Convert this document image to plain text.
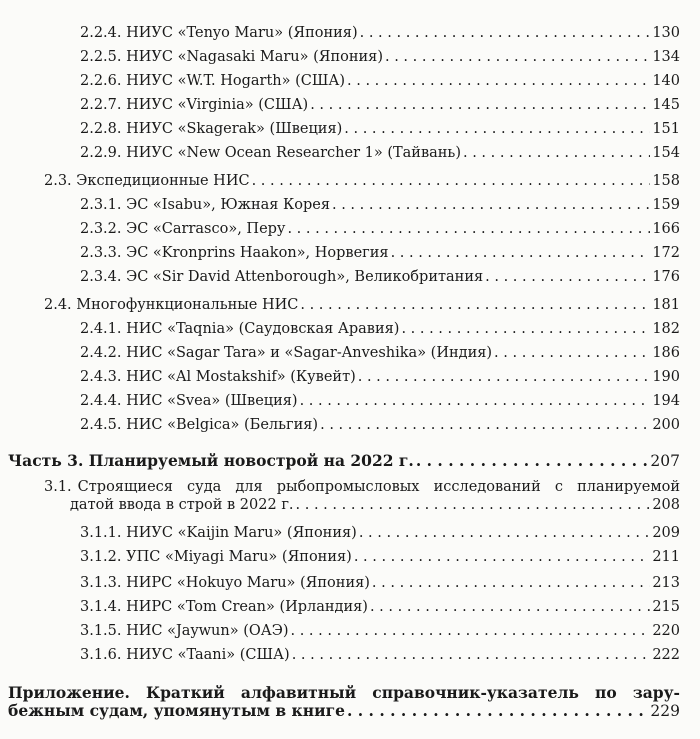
2.2.4. НИУС «Tenyo Maru» (Япония) . . .	130
2.2.5. НИУС «Nagasaki Maru» (Япония) . . .	134
2.2.6. НИУС «W.T. Hogarth» (США) . . .	140
2.2.7. НИУС «Virginia» (США) . . .	145
2.2.8. НИУС «Skagerak» (Швеция) . . .	151
2.2.9. НИУС «New Ocean Researcher 1» (Тайвань) . . .	154
2.3. Экспедиционные НИС . . .	158
2.3.1. ЭС «Isabu», Южная Корея . . .	159
2.3.2. ЭС «Carrasco», Перу . . .	166
2.3.3. ЭС «Kronprins Haakon», Норвегия . . .	172
2.3.4. ЭС «Sir David Attenborough», Великобритания . . .	176
2.4. Многофункциональные НИС . . .	181
2.4.1. НИС «Taqnia» (Саудовская Аравия) . . .	182
2.4.2. НИС «Sagar Tara» и «Sagar-Anveshika» (Индия) . . .	186
2.4.3. НИС «Al Mostakshif» (Кувейт) . . .	190
2.4.4. НИС «Svea» (Швеция) . . .	194
2.4.5. НИС «Belgica» (Бельгия) . . .	200
Часть 3. Планируемый новострой на 2022 г. . . .	207
3.1. Строящиеся суда для рыбопромысловых исследований с планируемой
датой ввода в строй в 2022 г. . . .	208
3.1.1. НИУС «Kaijin Maru» (Япония) . . .	209
3.1.2. УПС «Miyagi Maru» (Япония) . . .	211
3.1.3. НИРС «Hokuyo Maru» (Япония) . . .	213
3.1.4. НИРС «Tom Crean» (Ирландия) . . .	215
3.1.5. НИС «Jaywun» (ОАЭ) . . .	220
3.1.6. НИУС «Taani» (США) . . .	222
Приложение. Краткий алфавитный справочник-указатель по зару-
бежным судам, упомянутым в книге . . .	229
